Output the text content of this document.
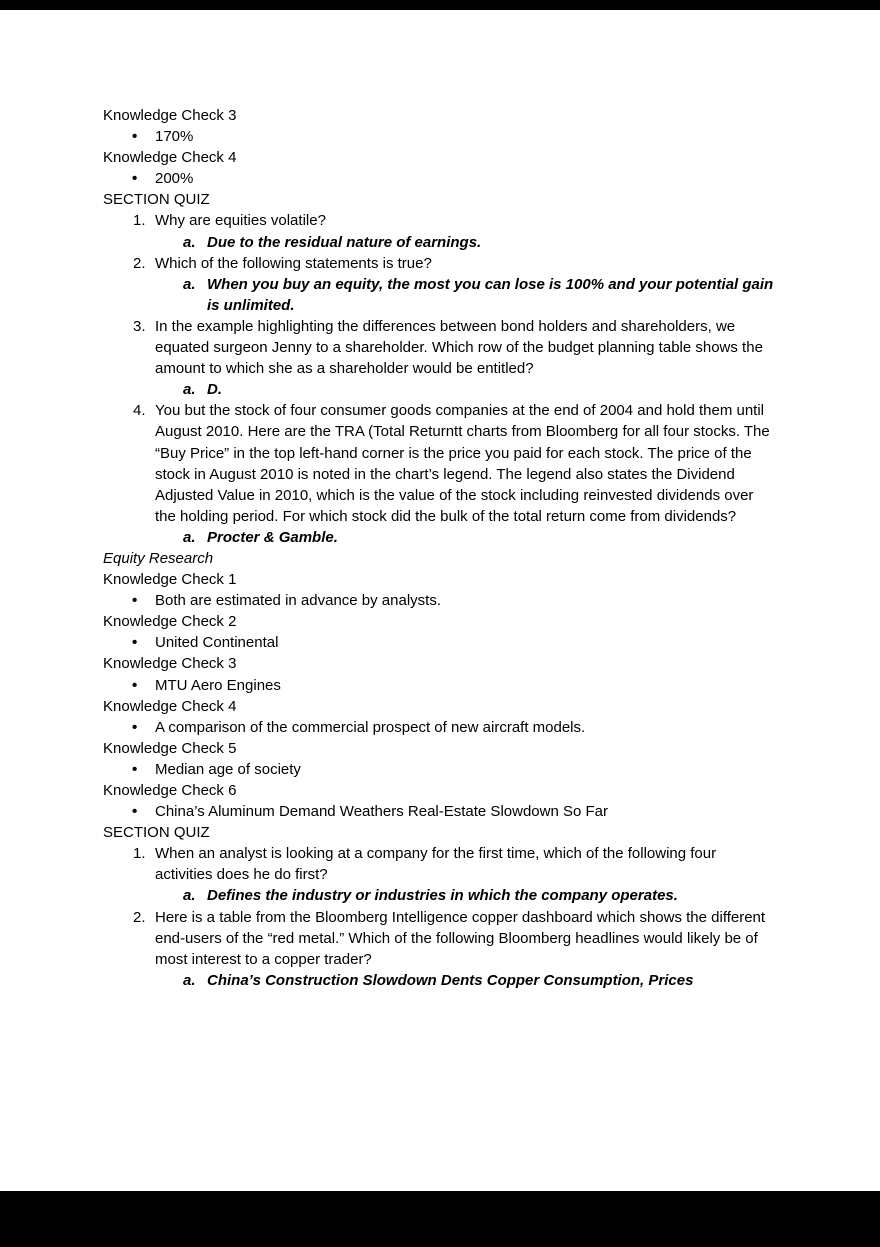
Knowledge Check 3
• 170%
Knowledge Check 4
• 200%
SECTION QUIZ
1. Why are equities volatile?
a. Due to the residual nature of earnings.
2. Which of the following statements is true?
a. When you buy an equity, the most you can lose is 100% and your potential gain is unlimited.
3. In the example highlighting the differences between bond holders and shareholders, we equated surgeon Jenny to a shareholder. Which row of the budget planning table shows the amount to which she as a shareholder would be entitled?
a. D.
4. You but the stock of four consumer goods companies at the end of 2004 and hold them until August 2010. Here are the TRA (Total Returntt charts from Bloomberg for all four stocks. The “Buy Price” in the top left-hand corner is the price you paid for each stock. The price of the stock in August 2010 is noted in the chart’s legend. The legend also states the Dividend Adjusted Value in 2010, which is the value of the stock including reinvested dividends over the holding period. For which stock did the bulk of the total return come from dividends?
a. Procter & Gamble.
Equity Research
Knowledge Check 1
• Both are estimated in advance by analysts.
Knowledge Check 2
• United Continental
Knowledge Check 3
• MTU Aero Engines
Knowledge Check 4
• A comparison of the commercial prospect of new aircraft models.
Knowledge Check 5
• Median age of society
Knowledge Check 6
• China’s Aluminum Demand Weathers Real-Estate Slowdown So Far
SECTION QUIZ
1. When an analyst is looking at a company for the first time, which of the following four activities does he do first?
a. Defines the industry or industries in which the company operates.
2. Here is a table from the Bloomberg Intelligence copper dashboard which shows the different end-users of the “red metal.” Which of the following Bloomberg headlines would likely be of most interest to a copper trader?
a. China’s Construction Slowdown Dents Copper Consumption, Prices
